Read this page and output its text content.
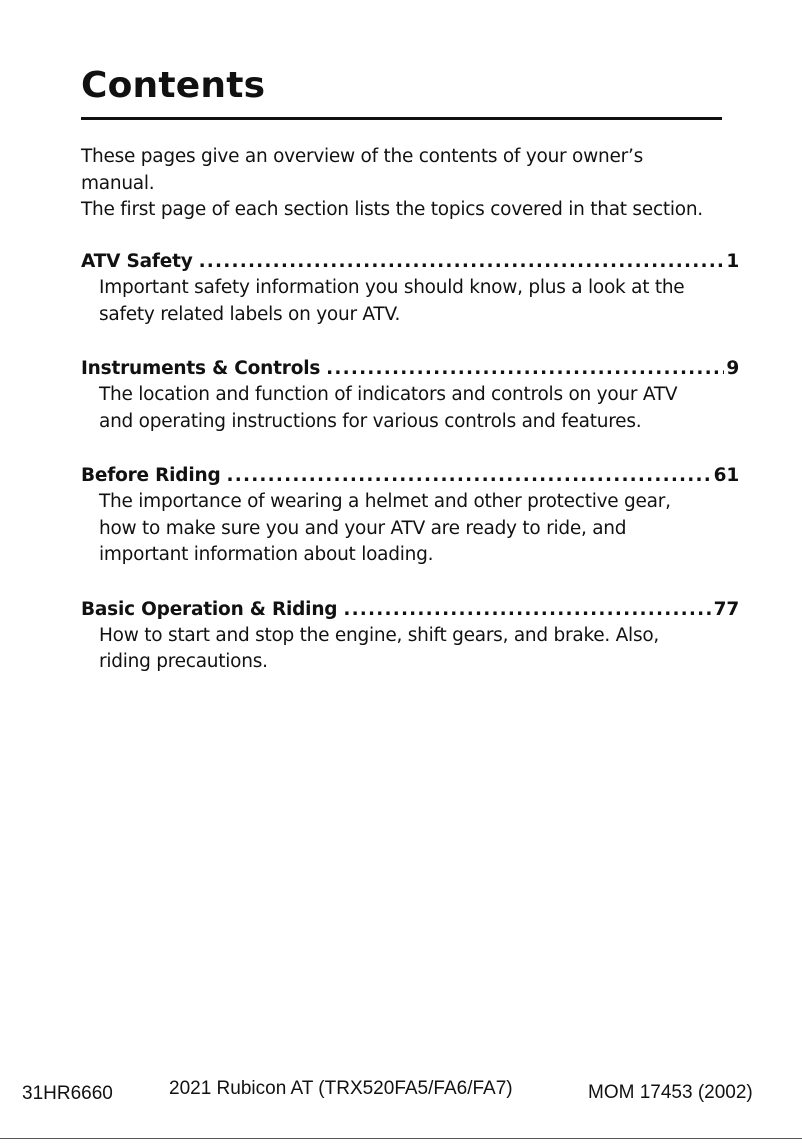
Contents
These pages give an overview of the contents of your owner’s
manual.
The first page of each section lists the topics covered in that section.
ATV Safety .....	1
Important safety information you should know, plus a look at the
safety related labels on your ATV.
Instruments & Controls .....	9
The location and function of indicators and controls on your ATV
and operating instructions for various controls and features.
Before Riding .....	61
The importance of wearing a helmet and other protective gear,
how to make sure you and your ATV are ready to ride, and
important information about loading.
Basic Operation & Riding .....	77
How to start and stop the engine, shift gears, and brake. Also,
riding precautions.
31HR6660	2021 Rubicon AT (TRX520FA5/FA6/FA7)	MOM 17453 (2002)
